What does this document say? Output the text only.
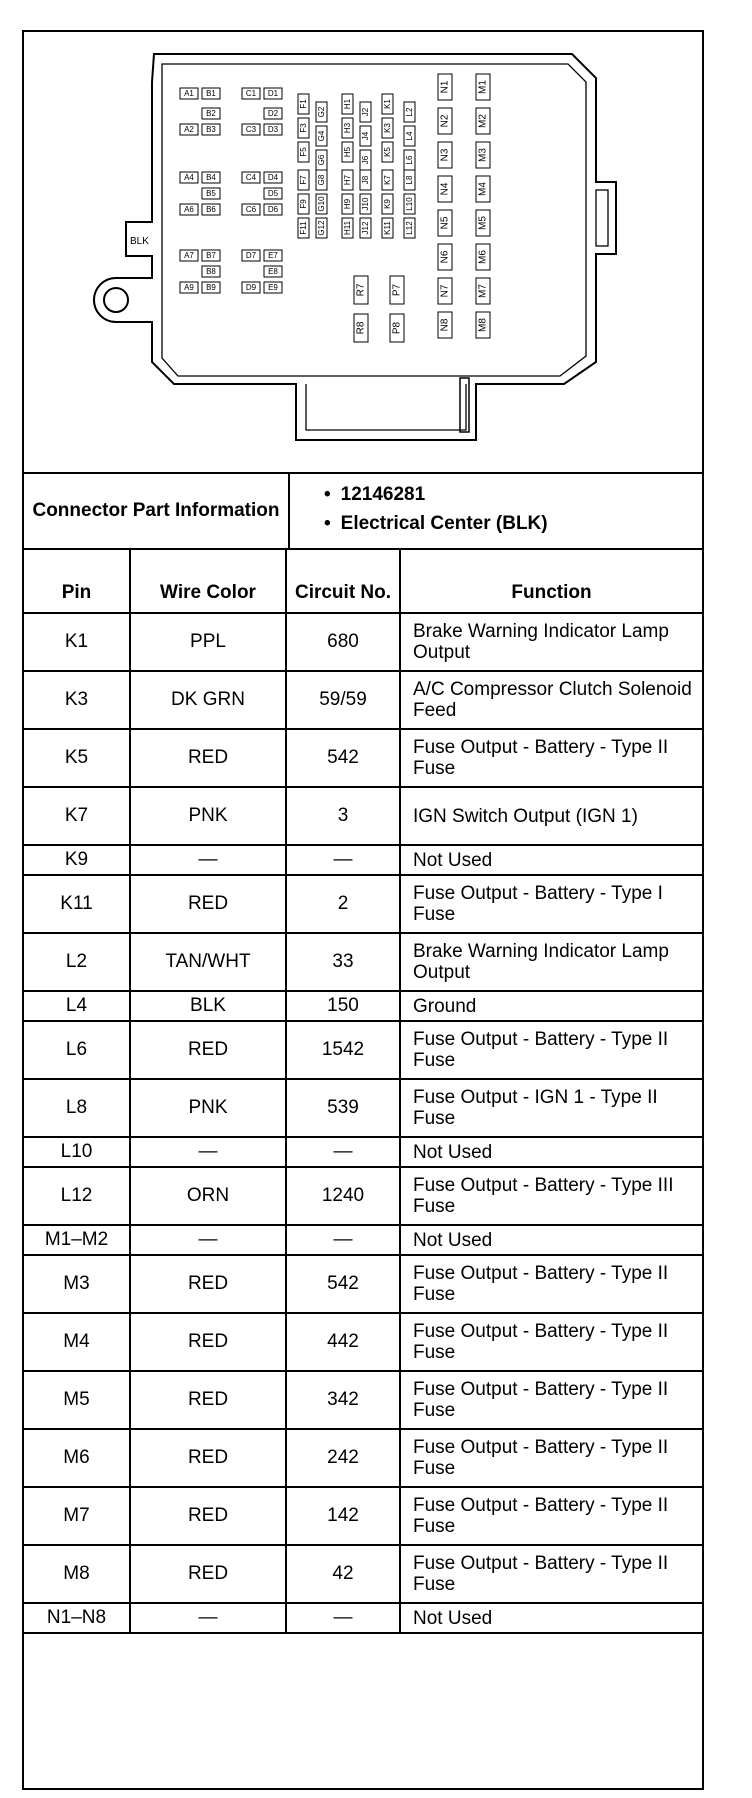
A1 B1
B2
A2 B3
A4 B4
B5
A6 B6
A7 B7
B8
A9 B9
C1 D1
D2
C3 D3
C4 D4
D5
C6 D6
D7 E7
E8
D9 E9
F1
F3
F5
G2
G4
G6
H1
H3
H5
J2
J4
J6
K1
K3
K5
L2
L4
L6
F7
F9
F11
G8
G10
G12
H7
H9
H11
J8
J10
J12
K7
K9
K11
L8
L10
L12
N1	M1
N2	M2
N3	M3
N4	M4
N5	M5
N6	M6
N7	M7
N8	M8
R7
R8
P7
P8
BLK
Connector Part Information
• 12146281
• Electrical Center (BLK)
Pin	Wire Color	Circuit No.	Function
K1	PPL	680	Brake Warning Indicator Lamp Output
K3	DK GRN	59/59	A/C Compressor Clutch Solenoid Feed
K5	RED	542	Fuse Output - Battery - Type II Fuse
K7	PNK	3	IGN Switch Output (IGN 1)
K9	—	—	Not Used
K11	RED	2	Fuse Output - Battery - Type I Fuse
L2	TAN/WHT	33	Brake Warning Indicator Lamp Output
L4	BLK	150	Ground
L6	RED	1542	Fuse Output - Battery - Type II Fuse
L8	PNK	539	Fuse Output - IGN 1 - Type II Fuse
L10	—	—	Not Used
L12	ORN	1240	Fuse Output - Battery - Type III Fuse
M1–M2	—	—	Not Used
M3	RED	542	Fuse Output - Battery - Type II Fuse
M4	RED	442	Fuse Output - Battery - Type II Fuse
M5	RED	342	Fuse Output - Battery - Type II Fuse
M6	RED	242	Fuse Output - Battery - Type II Fuse
M7	RED	142	Fuse Output - Battery - Type II Fuse
M8	RED	42	Fuse Output - Battery - Type II Fuse
N1–N8	—	—	Not Used
